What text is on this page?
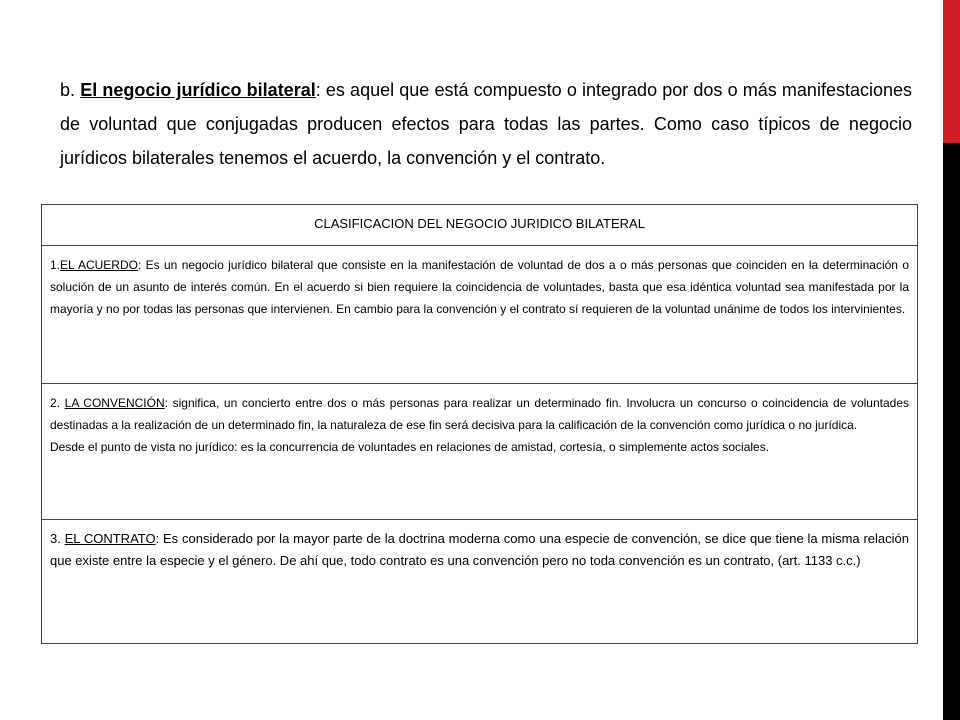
b. El negocio jurídico bilateral: es aquel que está compuesto o integrado por dos o más manifestaciones de voluntad que conjugadas producen efectos para todas las partes. Como caso típicos de negocio jurídicos bilaterales tenemos el acuerdo, la convención y el contrato.

CLASIFICACION DEL NEGOCIO JURIDICO BILATERAL
1.EL ACUERDO: Es un negocio jurídico bilateral que consiste en la manifestación de voluntad de dos a o más personas que coinciden en la determinación o solución de un asunto de interés común. En el acuerdo si bien requiere la coincidencia de voluntades, basta que esa idéntica voluntad sea manifestada por la mayoría y no por todas las personas que intervienen. En cambio para la convención y el contrato sí requieren de la voluntad unánime de todos los intervinientes.
2. LA CONVENCIÓN: significa, un concierto entre dos o más personas para realizar un determinado fin. Involucra un concurso o coincidencia de voluntades destinadas a la realización de un determinado fin, la naturaleza de ese fin será decisiva para la calificación de la convención como jurídica o no jurídica.
Desde el punto de vista no jurídico: es la concurrencia de voluntades en relaciones de amistad, cortesía, o simplemente actos sociales.
3. EL CONTRATO: Es considerado por la mayor parte de la doctrina moderna como una especie de convención, se dice que tiene la misma relación que existe entre la especie y el género. De ahí que, todo contrato es una convención pero no toda convención es un contrato, (art. 1133 c.c.)
